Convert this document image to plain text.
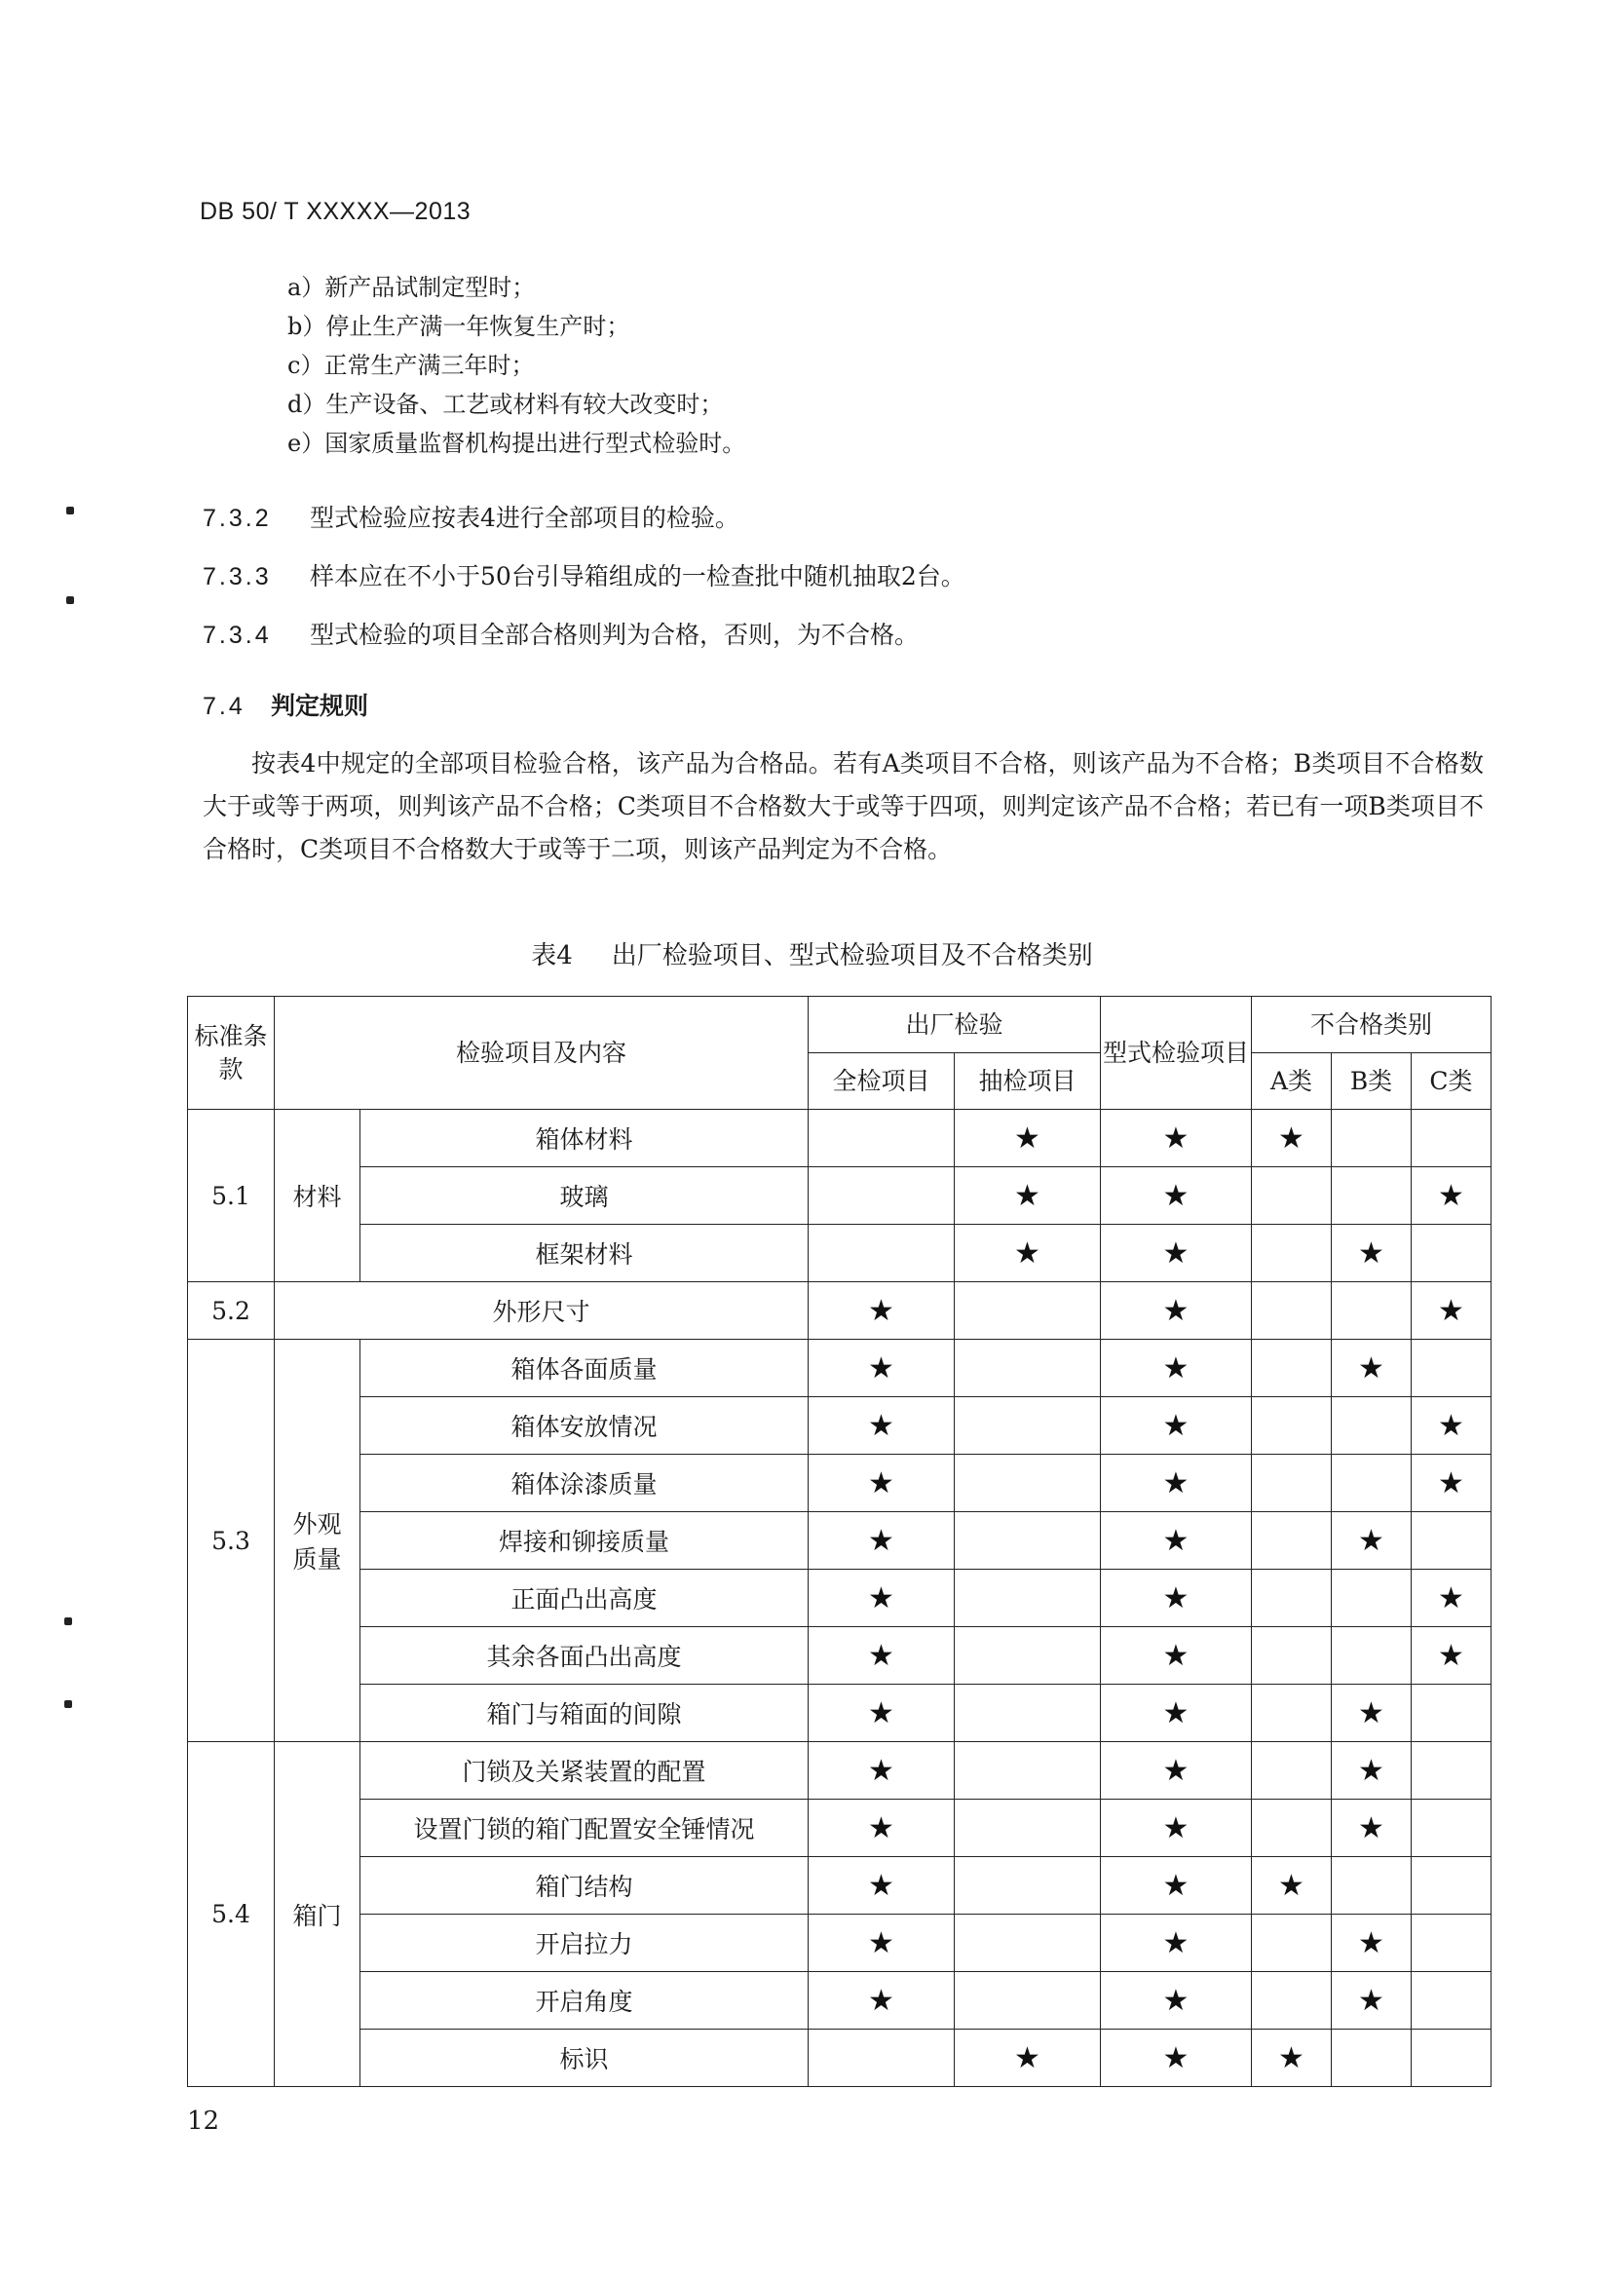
DB 50/ T XXXXX—2013
a）新产品试制定型时；
b）停止生产满一年恢复生产时；
c）正常生产满三年时；
d）生产设备、工艺或材料有较大改变时；
e）国家质量监督机构提出进行型式检验时。
7.3.2 型式检验应按表4进行全部项目的检验。
7.3.3 样本应在不小于50台引导箱组成的一检查批中随机抽取2台。
7.3.4 型式检验的项目全部合格则判为合格，否则，为不合格。
7.4 判定规则

按表4中规定的全部项目检验合格，该产品为合格品。若有A类项目不合格，则该产品为不合格；B类项目不合格数大于或等于两项，则判该产品不合格；C类项目不合格数大于或等于四项，则判定该产品不合格；若已有一项B类项目不合格时，C类项目不合格数大于或等于二项，则该产品判定为不合格。

表4 出厂检验项目、型式检验项目及不合格类别
标准条款	检验项目及内容		出厂检验		型式检验项目	不合格类别		
			全检项目	抽检项目		A类	B类	C类
5.1	材料	箱体材料		★	★	★		
		玻璃		★	★			★
		框架材料		★	★		★	
5.2	外形尺寸		★		★			★
5.3	外观质量	箱体各面质量	★		★		★	
		箱体安放情况	★		★			★
		箱体涂漆质量	★		★			★
		焊接和铆接质量	★		★		★	
		正面凸出高度	★		★			★
		其余各面凸出高度	★		★			★
		箱门与箱面的间隙	★		★		★	
5.4	箱门	门锁及关紧装置的配置	★		★		★	
		设置门锁的箱门配置安全锤情况	★		★		★	
		箱门结构	★		★	★		
		开启拉力	★		★		★	
		开启角度	★		★		★	
		标识		★	★	★		
12
